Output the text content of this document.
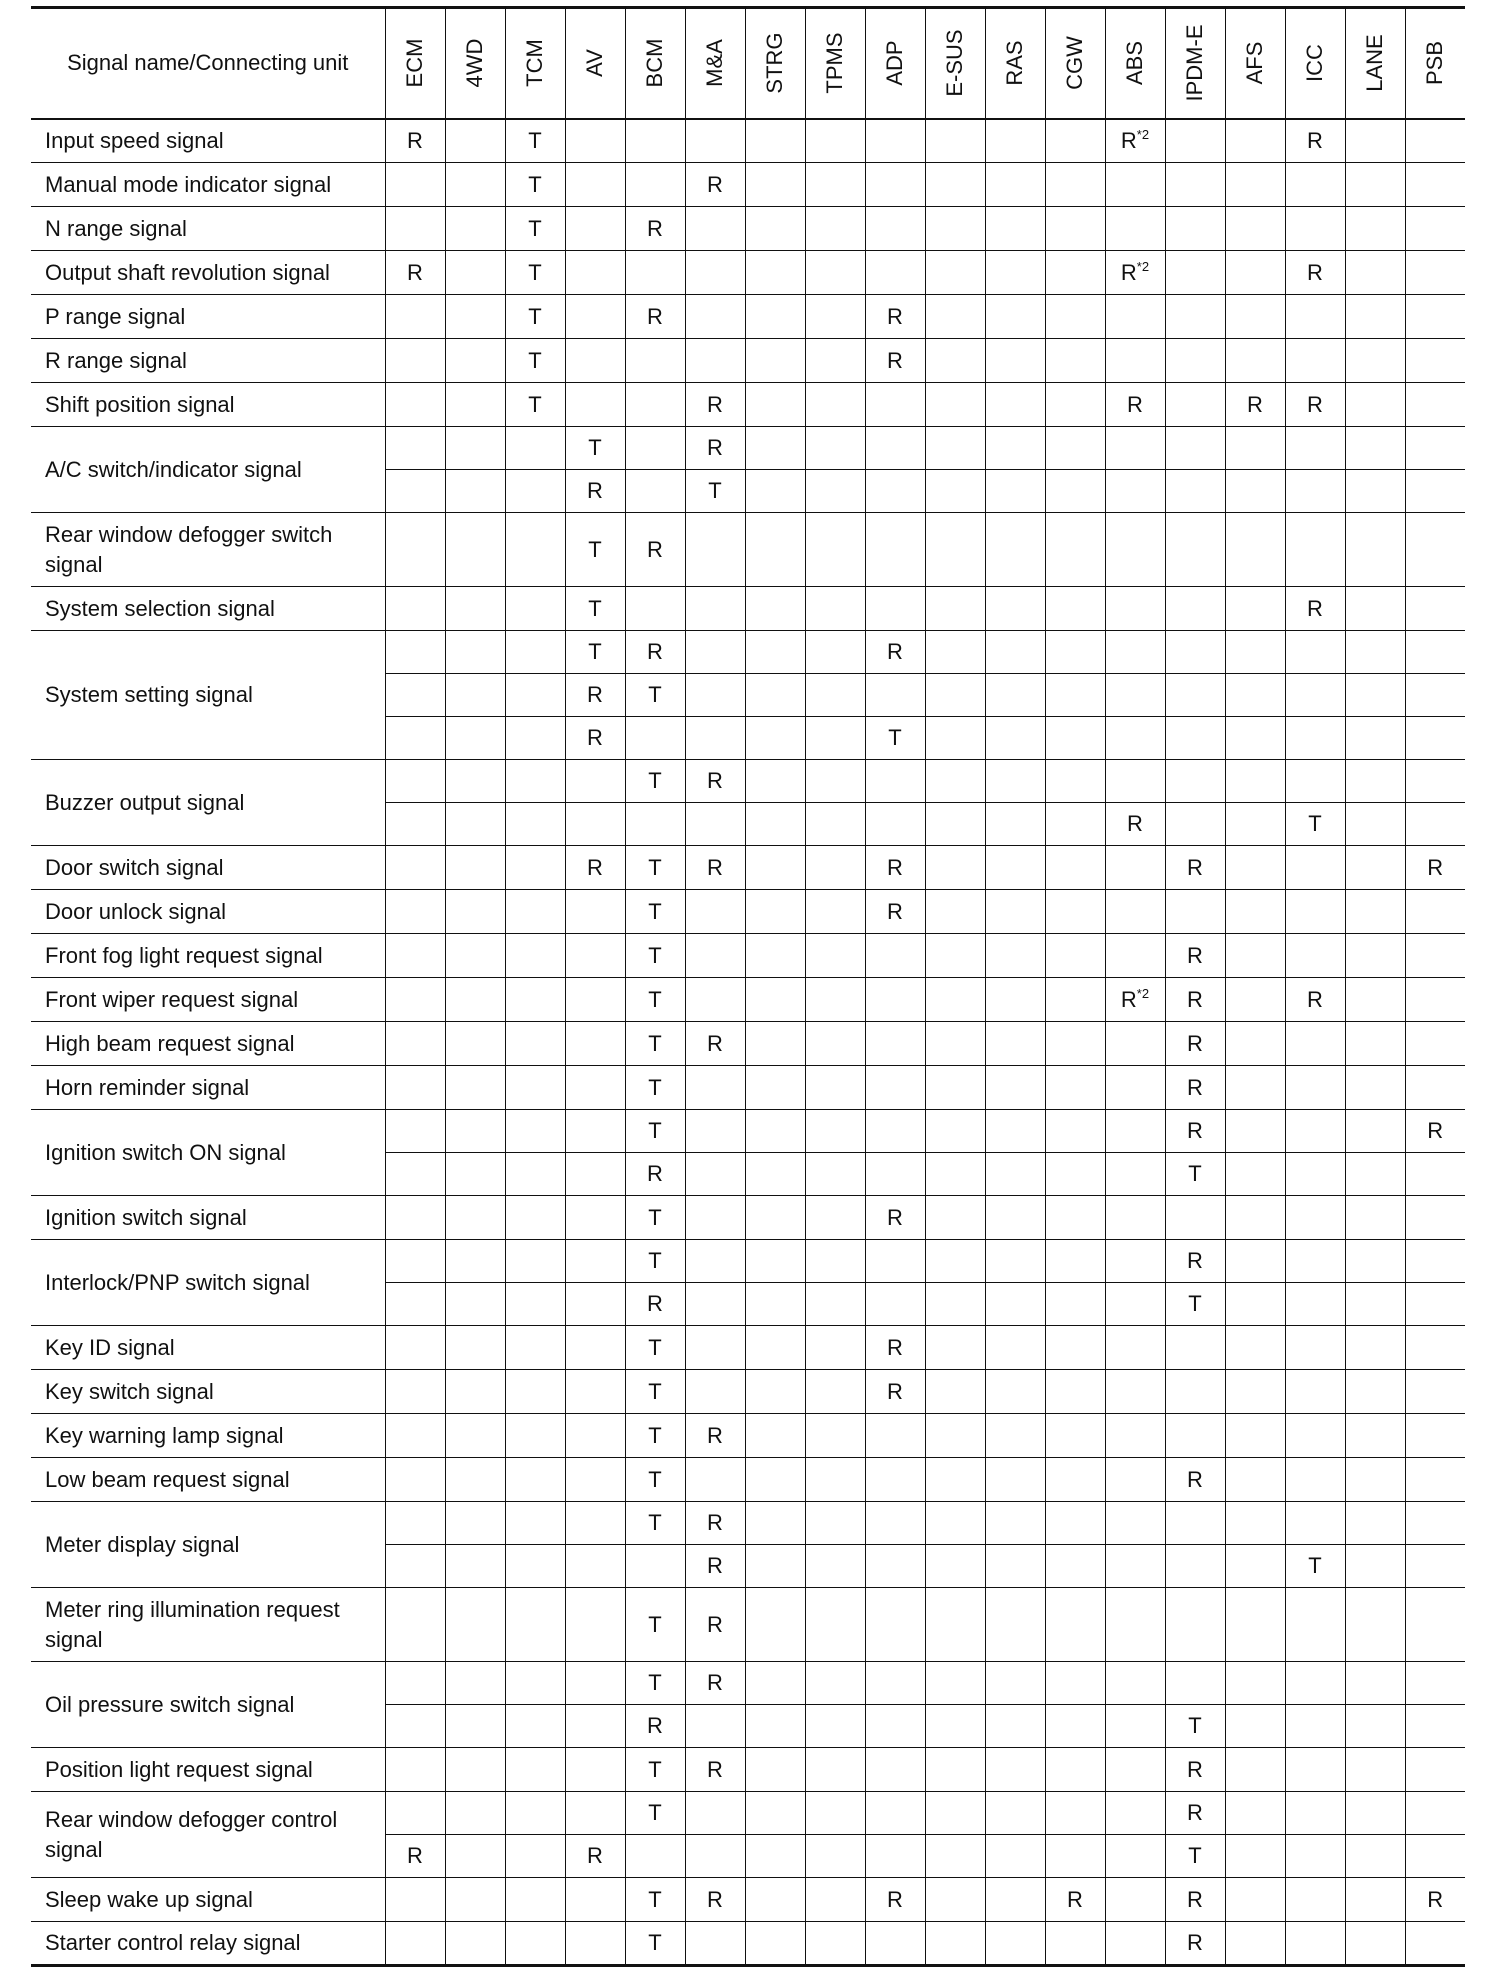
Signal name/Connecting unit	ECM	4WD	TCM	AV	BCM	M&A	STRG	TPMS	ADP	E-SUS	RAS	CGW	ABS	IPDM-E	AFS	ICC	LANE	PSB

Input speed signal	R		T										$R^{*2}$			R		
Manual mode indicator signal			T			R												
N range signal			T		R													
Output shaft revolution signal	R		T										$R^{*2}$			R		
P range signal			T		R				R									
R range signal			T						R									
Shift position signal			T			R							R		R	R		
A/C switch/indicator signal				T		R												
				R		T												
Rear window defogger switch signal				T	R													
System selection signal				T												R		
System setting signal				T	R				R									
				R	T													
				R					T									
Buzzer output signal					T	R												
													R			T		
Door switch signal				R	T	R			R					R				R
Door unlock signal					T				R									
Front fog light request signal					T									R				
Front wiper request signal					T								$R^{*2}$	R		R		
High beam request signal					T	R								R				
Horn reminder signal					T									R				
Ignition switch ON signal					T									R				R
					R									T				
Ignition switch signal					T				R									
Interlock/PNP switch signal					T									R				
					R									T				
Key ID signal					T				R									
Key switch signal					T				R									
Key warning lamp signal					T	R												
Low beam request signal					T									R				
Meter display signal					T	R												
						R										T		
Meter ring illumination request signal					T	R												
Oil pressure switch signal					T	R												
					R									T				
Position light request signal					T	R								R				
Rear window defogger control signal					T									R				
	R			R										T				
Sleep wake up signal					T	R			R			R		R				R
Starter control relay signal					T									R				
